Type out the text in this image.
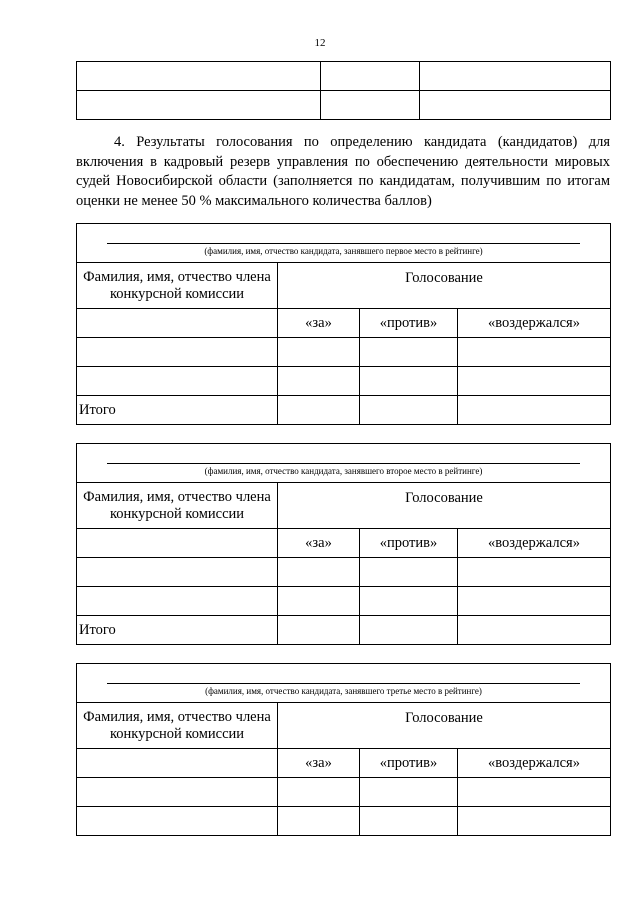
12

4. Результаты голосования по определению кандидата (кандидатов) для включения в кадровый резерв управления по обеспечению деятельности мировых судей Новосибирской области (заполняется по кандидатам, получившим по итогам оценки не менее 50 % максимального количества баллов)

(фамилия, имя, отчество кандидата, занявшего первое место в рейтинге)			

Фамилия, имя, отчество члена конкурсной комиссии	Голосование		
	«за»	«против»	«воздержался»

Итого			
(фамилия, имя, отчество кандидата, занявшего второе место в рейтинге)			

Фамилия, имя, отчество члена конкурсной комиссии	Голосование		
	«за»	«против»	«воздержался»

Итого			
(фамилия, имя, отчество кандидата, занявшего третье место в рейтинге)			

Фамилия, имя, отчество члена конкурсной комиссии	Голосование		
	«за»	«против»	«воздержался»
